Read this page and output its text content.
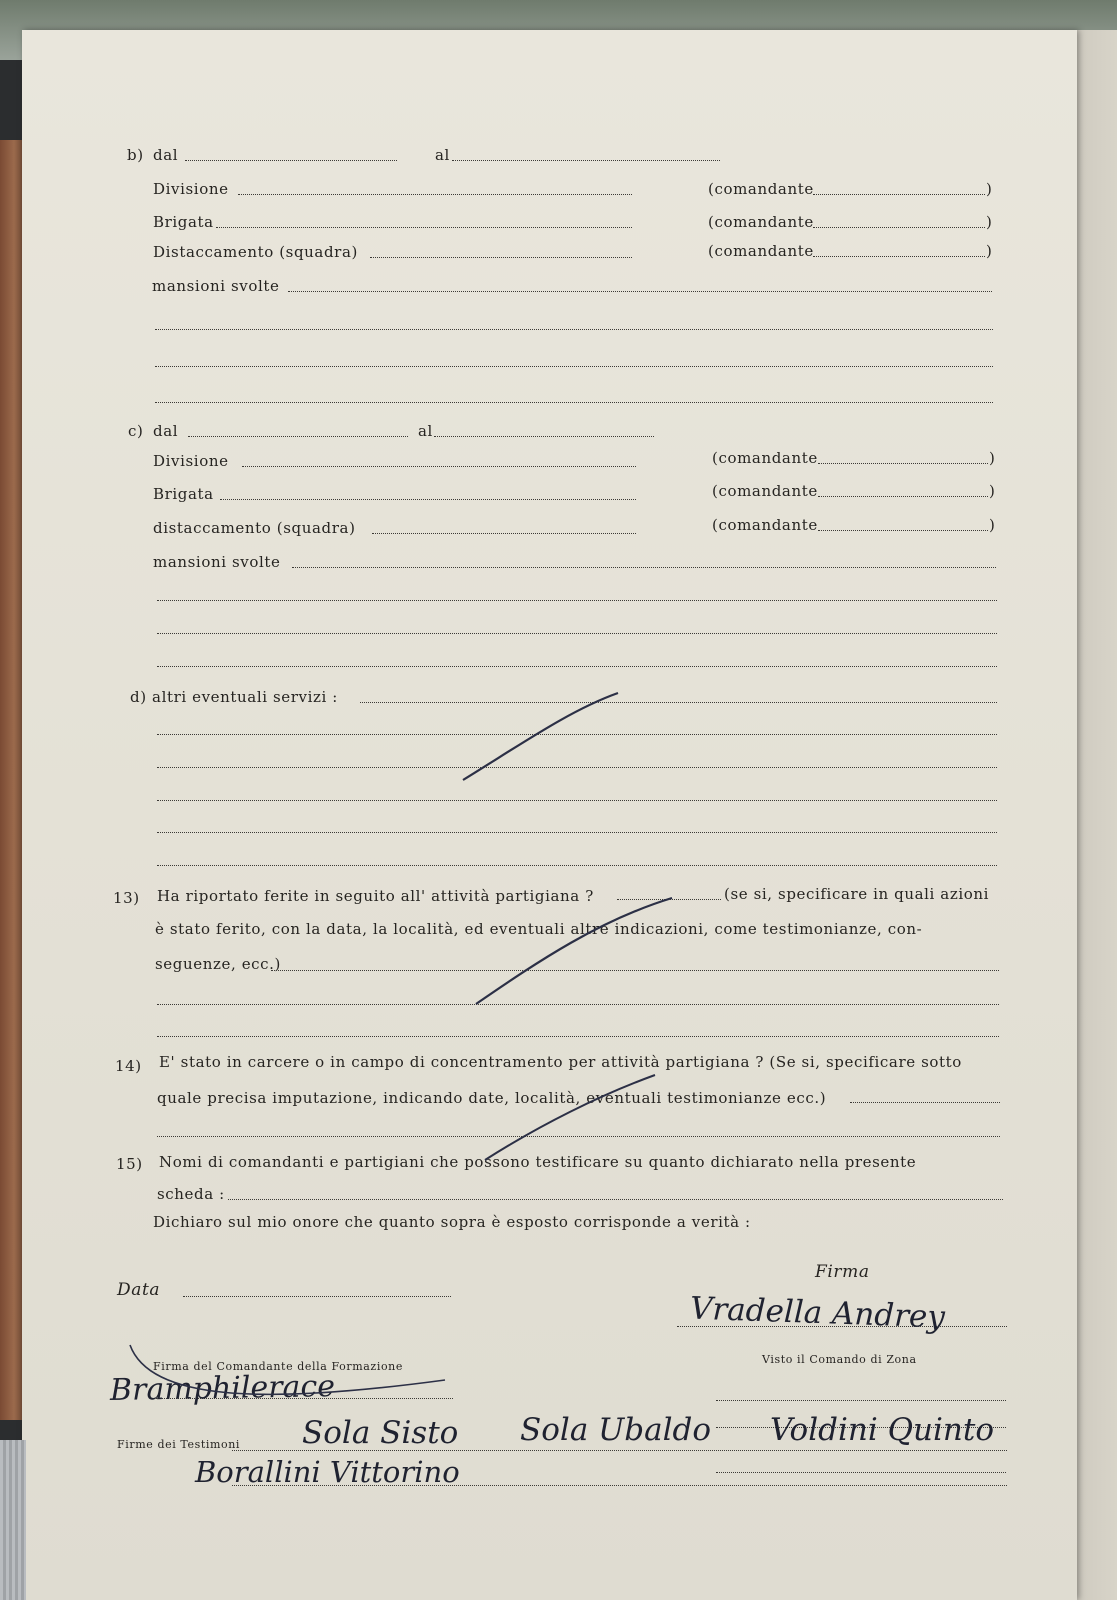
b) dal	al
Divisione	(comandante	)
Brigata	(comandante	)
Distaccamento (squadra)	(comandante	)
mansioni svolte
c) dal	al
Divisione	(comandante	)
Brigata	(comandante	)
distaccamento (squadra)	(comandante	)
mansioni svolte
d) altri eventuali servizi :
13) Ha riportato ferite in seguito all' attività partigiana ?	(se si, specificare in quali azioni
è stato ferito, con la data, la località, ed eventuali altre indicazioni, come testimonianze, con-
seguenze, ecc.)
14) E' stato in carcere o in campo di concentramento per attività partigiana ? (Se si, specificare sotto
quale precisa imputazione, indicando date, località, eventuali testimonianze ecc.)
15) Nomi di comandanti e partigiani che possono testificare su quanto dichiarato nella presente
scheda :
Dichiaro sul mio onore che quanto sopra è esposto corrisponde a verità :
Data
Firma
Visto il Comando di Zona
Firma del Comandante della Formazione
Firme dei Testimoni
Vradella Andrey
Bramphilerace
Sola Sisto Sola Ubaldo Voldini Quinto
Borallini Vittorino
